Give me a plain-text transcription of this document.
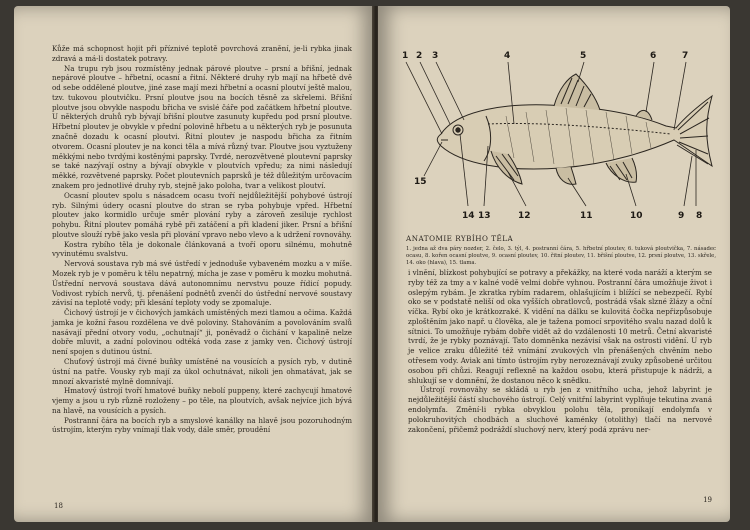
Kůže má schopnost hojit při příznivé teplotě povrchová zranění, je-li rybka jinak zdravá a má-li dostatek potravy.

Na trupu ryb jsou rozmístěny jednak párové ploutve – prsní a břišní, jednak nepárové ploutve – hřbetní, ocasní a řitní. Některé druhy ryb mají na hřbetě dvě od sebe oddělené ploutve, jiné zase mají mezi hřbetní a ocasní ploutví ještě malou, tzv. tukovou ploutvičku. Prsní ploutve jsou na bocích těsně za skřelemi. Břišní ploutve jsou obvykle naspodu břicha ve svislé čáře pod začátkem hřbetní ploutve. U některých druhů ryb bývají břišní ploutve zasunuty kupředu pod prsní ploutve. Hřbetní ploutev je obvykle v přední polovině hřbetu a u některých ryb je posunuta značně dozadu k ocasní ploutvi. Řitní ploutev je naspodu břicha za řitním otvorem. Ocasní ploutev je na konci těla a mívá různý tvar. Ploutve jsou vyztuženy měkkými nebo tvrdými kostěnými paprsky. Tvrdé, nerozvětvené ploutevní paprsky se také nazývají ostny a bývají obvykle v ploutvích vpředu; za nimi následují měkké, rozvětvené paprsky. Počet ploutevních paprsků je též důležitým určovacím znakem pro jednotlivé druhy ryb, stejně jako poloha, tvar a velikost ploutví.

Ocasní ploutev spolu s násadcem ocasu tvoří nejdůležitější pohybové ústrojí ryb. Silnými údery ocasní ploutve do stran se ryba pohybuje vpřed. Hřbetní ploutev jako kormidlo určuje směr plování ryby a zároveň zesiluje rychlost pohybu. Řitní ploutev pomáhá rybě při zatáčení a při kladení jiker. Prsní a břišní ploutve slouží rybě jako vesla při plování vpravo nebo vlevo a k udržení rovnováhy.

Kostra rybího těla je dokonale článkovaná a tvoří oporu silnému, mohutně vyvinutému svalstvu.

Nervová soustava ryb má své ústředí v jednoduše vybaveném mozku a v míše. Mozek ryb je v poměru k tělu nepatrný, mícha je zase v poměru k mozku mohutná. Ústřední nervová soustava dává autonomnímu nervstvu pouze řídicí popudy. Vodivost rybích nervů, tj. přenášení podnětů zvenčí do ústřední nervové soustavy závisí na teplotě vody; při klesání teploty vody se zpomaluje.

Čichový ústrojí je v čichových jamkách umístěných mezi tlamou a očima. Každá jamka je kožní řasou rozdělena ve dvě poloviny. Stahováním a povolováním svalů nasávají přední otvory vodu, „ochutnají“ ji, poněvadž o čichání v kapalině nelze dobře mluvit, a zadní polovinou odtéká voda zase z jamky ven. Čichový ústrojí není spojen s dutinou ústní.

Chuťový ústrojí má čivné buňky umístěné na vousících a pysích ryb, v dutině ústní na patře. Vousky ryb mají za úkol ochutnávat, nikoli jen ohmatávat, jak se mnozí akvaristé mylně domnívají.

Hmatový ústrojí tvoří hmatové buňky nebolí puppeny, které zachycují hmatové vjemy a jsou u ryb různě rozloženy – po těle, na ploutvích, avšak nejvíce jich bývá na hlavě, na vousících a pysích.

Postranní čára na bocích ryb a smyslové kanálky na hlavě jsou pozoruhodným ústrojím, kterým ryby vnímají tlak vody, dále směr, proudění

18
1 2 3	4	5	6	7
15
14 13	12	11	10	9 8
ANATOMIE RYBÍHO TĚLA
1. jedna až dva páry nozder, 2. čelo, 3. týl, 4. postranní čára, 5. hřbetní ploutev, 6. tuková ploutvička, 7. násadec ocasu, 8. kořen ocasní ploutve, 9. ocasní ploutev, 10. řitní ploutev, 11. břišní ploutve, 12. prsní ploutve, 13. skřele, 14. oko (hlava), 15. tlama.

i vlnění, blízkost pohybující se potravy a překážky, na které voda naráží a kterým se ryby též za tmy a v kalné vodě velmi dobře vyhnou. Postranní čára umožňuje život i oslepým rybám. Je zkratka rybím radarem, ohlašujícím i blížící se nebezpečí. Rybí oko se v podstatě neliší od oka vyšších obratlovců, postrádá však slzné žlázy a oční víčka. Rybí oko je krátkozraké. K vidění na dálku se kulovitá čočka nepřizpůsobuje zploštěním jako např. u člověka, ale je tažena pomocí srpovitého svalu nazad dolů k sítnici. To umožňuje rybám dobře vidět až do vzdálenosti 10 metrů. Četní akvaristé tvrdí, že je rybky poznávají. Tato domněnka nezávisí však na ostrosti vidění. U ryb je velice zraku důležité též vnímání zvukových vln přenášených chvěním nebo otřesem vody. Aviak ani tímto ústrojím ryby nerozeznávají zvuky způsobené určitou osobou při chůzi. Reagují reflexně na každou osobu, která přistupuje k nádrži, a shlukují se v domnění, že dostanou něco k snědku.

Ústrojí rovnováhy se skládá u ryb jen z vnitřního ucha, jehož labyrint je nejdůležitější částí sluchového ústrojí. Celý vnitřní labyrint vyplňuje tekutina zvaná endolymfa. Změní-li rybka obvyklou polohu těla, pronikají endolymfa v polokruhovitých chodbách a sluchové kaménky (otolithy) tlačí na nervové zakončení, přičemž podráždí sluchový nerv, který podá zprávu ner-

19
